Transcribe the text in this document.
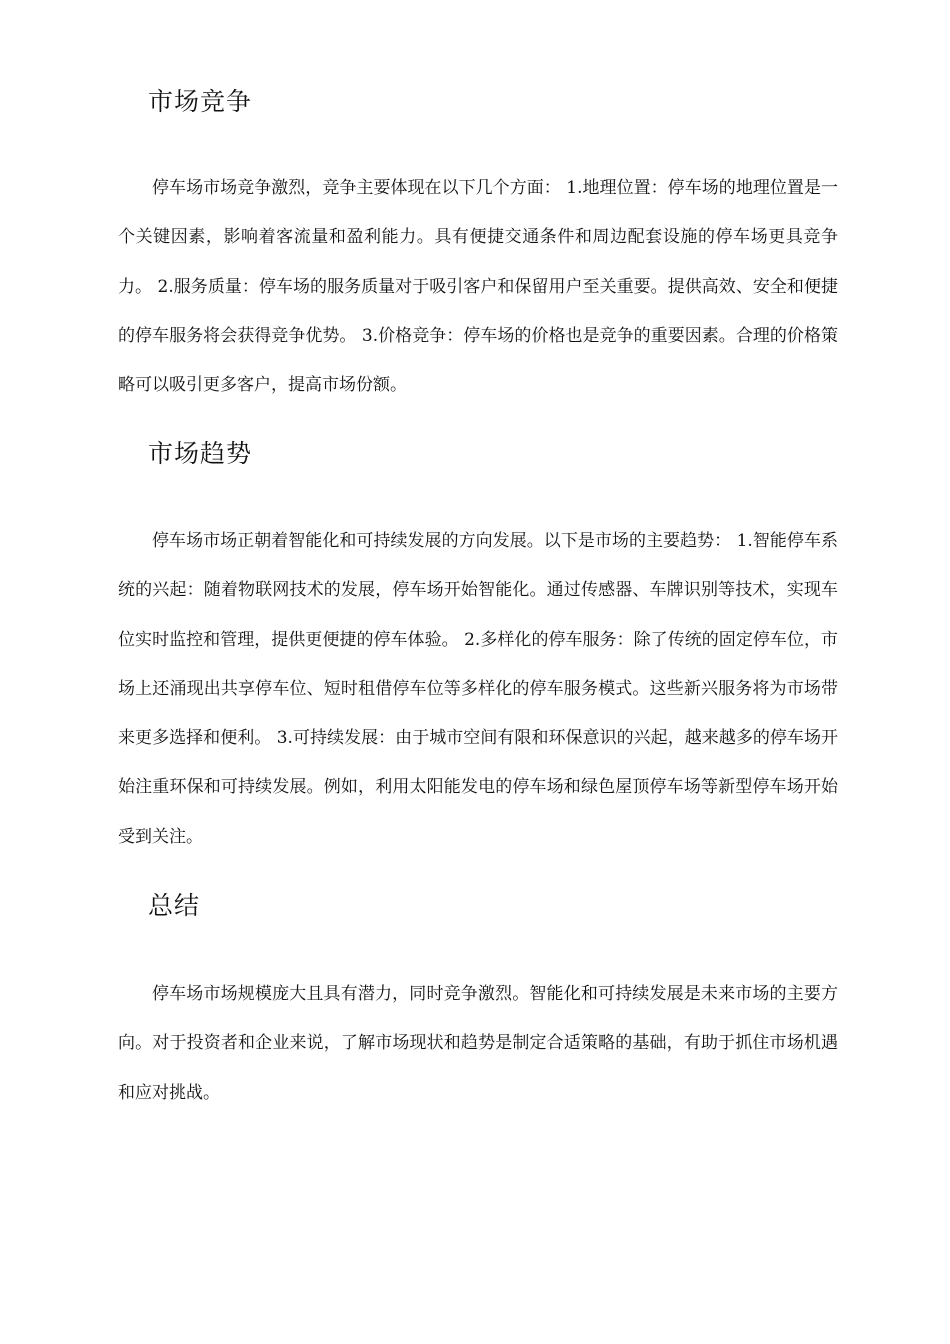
市场竞争

停车场市场竞争激烈，竞争主要体现在以下几个方面： 1.地理位置：停车场的地理位置是一个关键因素，影响着客流量和盈利能力。具有便捷交通条件和周边配套设施的停车场更具竞争力。 2.服务质量：停车场的服务质量对于吸引客户和保留用户至关重要。提供高效、安全和便捷的停车服务将会获得竞争优势。 3.价格竞争：停车场的价格也是竞争的重要因素。合理的价格策略可以吸引更多客户，提高市场份额。

市场趋势

停车场市场正朝着智能化和可持续发展的方向发展。以下是市场的主要趋势： 1.智能停车系统的兴起：随着物联网技术的发展，停车场开始智能化。通过传感器、车牌识别等技术，实现车位实时监控和管理，提供更便捷的停车体验。 2.多样化的停车服务：除了传统的固定停车位，市场上还涌现出共享停车位、短时租借停车位等多样化的停车服务模式。这些新兴服务将为市场带来更多选择和便利。 3.可持续发展：由于城市空间有限和环保意识的兴起，越来越多的停车场开始注重环保和可持续发展。例如，利用太阳能发电的停车场和绿色屋顶停车场等新型停车场开始受到关注。

总结

停车场市场规模庞大且具有潜力，同时竞争激烈。智能化和可持续发展是未来市场的主要方向。对于投资者和企业来说，了解市场现状和趋势是制定合适策略的基础，有助于抓住市场机遇和应对挑战。
